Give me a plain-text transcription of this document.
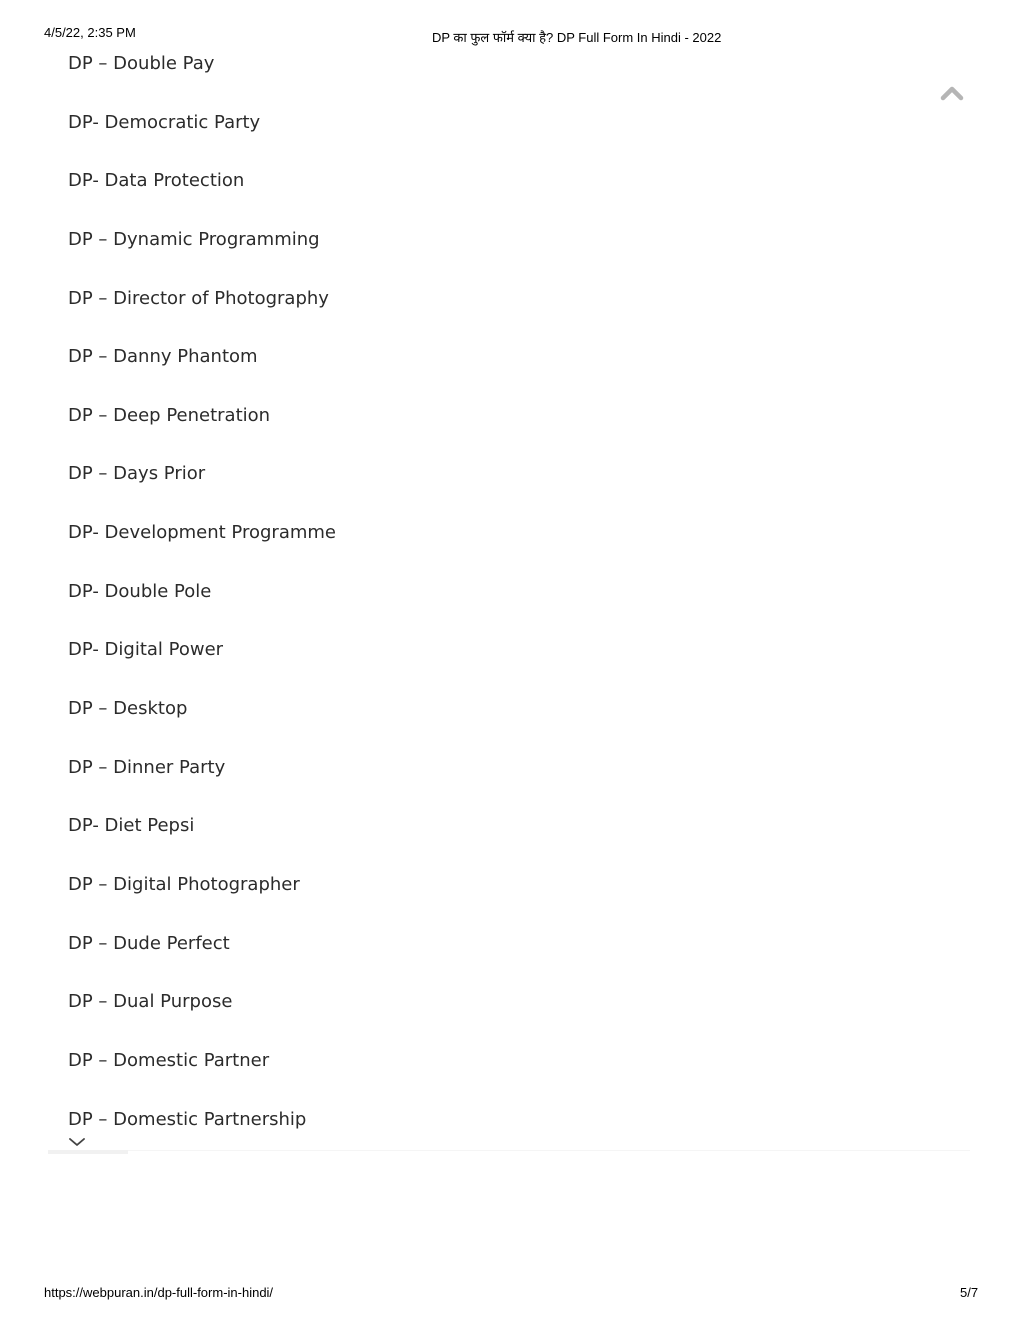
4/5/22, 2:35 PM	DP का फुल फॉर्म क्या है? DP Full Form In Hindi - 2022
DP – Double Pay
DP- Democratic Party
DP- Data Protection
DP – Dynamic Programming
DP – Director of Photography
DP – Danny Phantom
DP – Deep Penetration
DP – Days Prior
DP- Development Programme
DP- Double Pole
DP- Digital Power
DP – Desktop
DP – Dinner Party
DP- Diet Pepsi
DP – Digital Photographer
DP – Dude Perfect
DP – Dual Purpose
DP – Domestic Partner
DP – Domestic Partnership
https://webpuran.in/dp-full-form-in-hindi/	5/7
